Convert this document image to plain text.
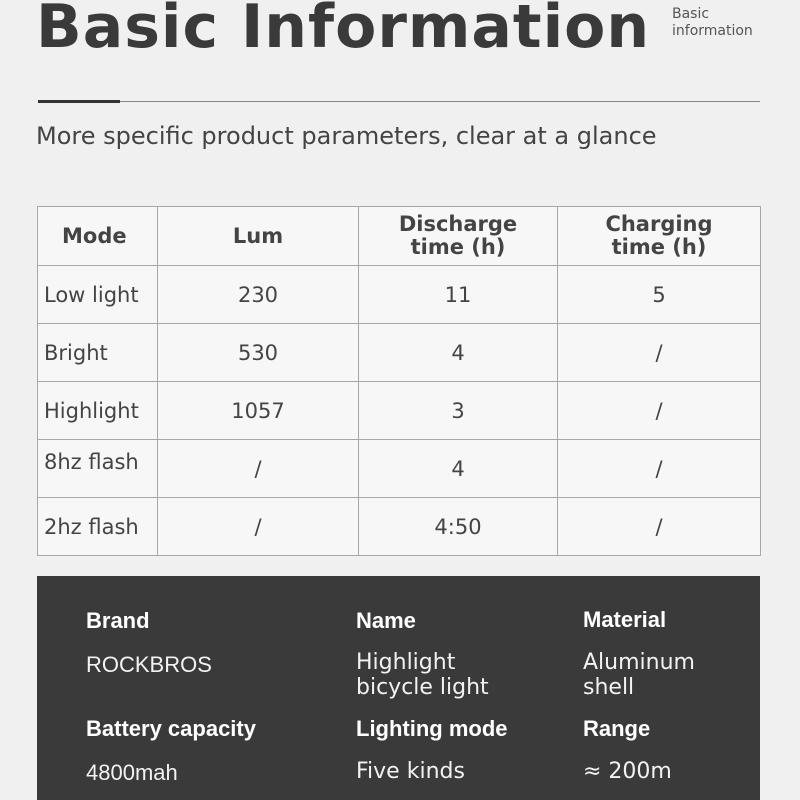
Basic Information Basic information
More specific product parameters, clear at a glance
Mode	Lum	Discharge time (h)	Charging time (h)

Low light	230	11	5
Bright	530	4	/
Highlight	1057	3	/
8hz flash	/	4	/
2hz flash	/	4:50	/
Brand
ROCKBROS
Name
Highlight bicycle light
Material
Aluminum shell
Battery capacity
4800mah
Lighting mode
Five kinds
Range
≈ 200m
